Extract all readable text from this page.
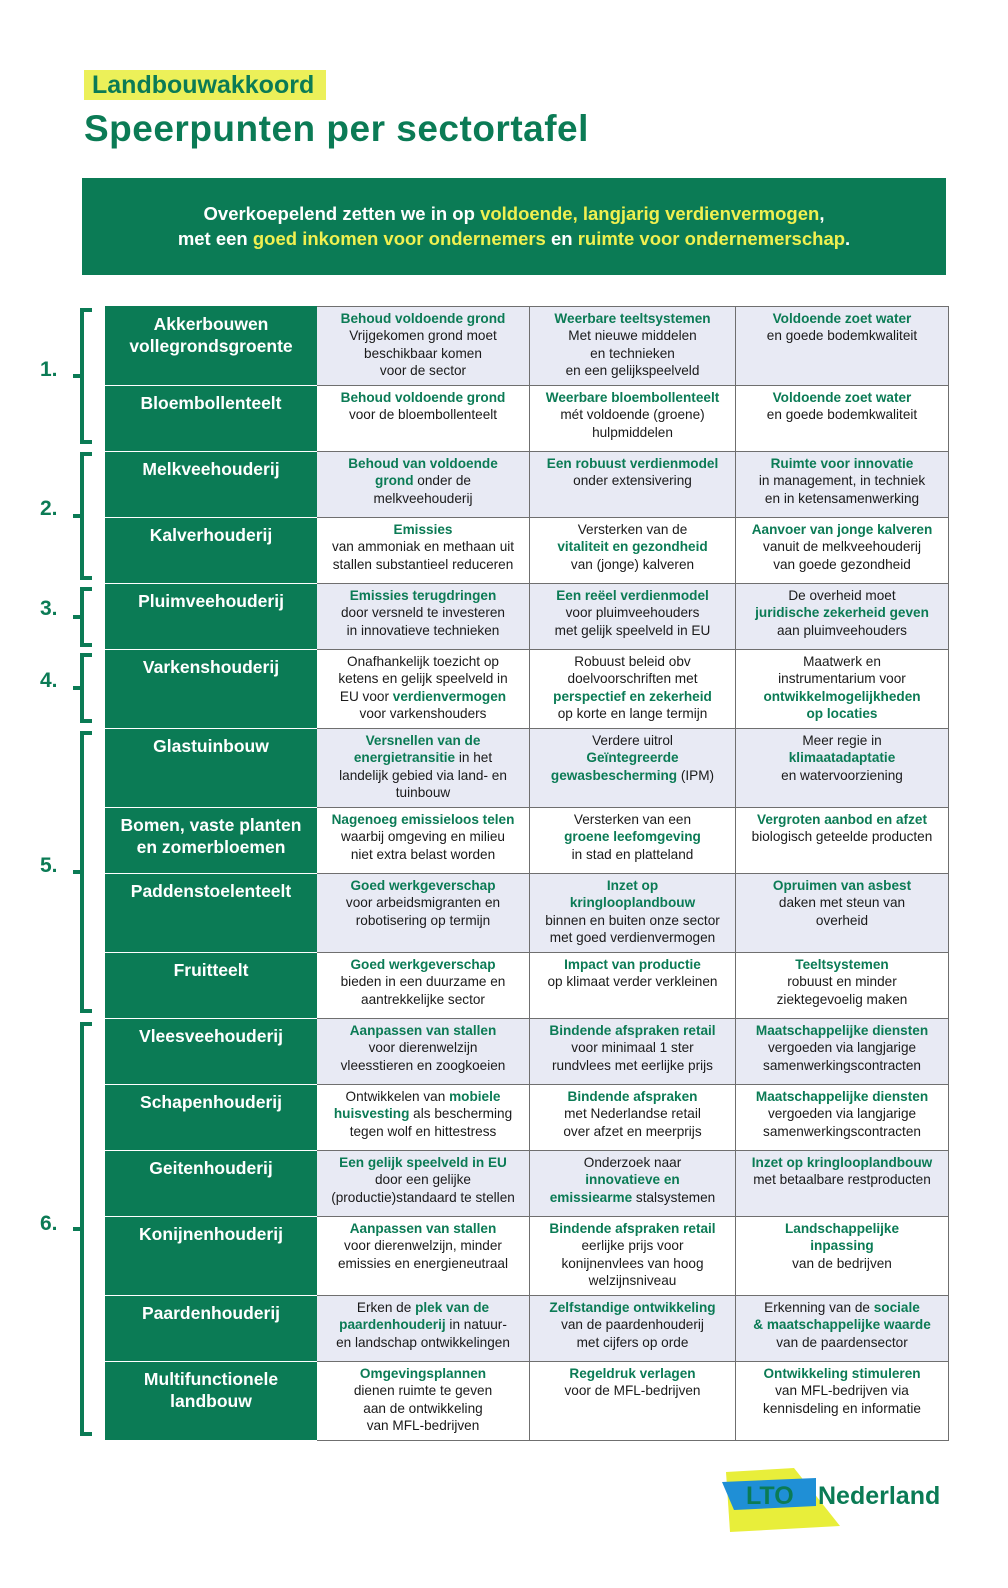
Landbouwakkoord
Speerpunten per sectortafel
Overkoepelend zetten we in op voldoende, langjarig verdienvermogen,
met een goed inkomen voor ondernemers en ruimte voor ondernemerschap.
1.
2.
3.
4.
5.
6.
Akkerbouwen vollegrondsgroente	Behoud voldoende grond
Vrijgekomen grond moet
beschikbaar komen
voor de sector	Weerbare teeltsystemen
Met nieuwe middelen
en technieken
en een gelijkspeelveld	Voldoende zoet water
en goede bodemkwaliteit
Bloembollenteelt	Behoud voldoende grond
voor de bloembollenteelt	Weerbare bloembollenteelt
mét voldoende (groene)
hulpmiddelen	Voldoende zoet water
en goede bodemkwaliteit
Melkveehouderij	Behoud van voldoende
grond onder de
melkveehouderij	Een robuust verdienmodel
onder extensivering	Ruimte voor innovatie
in management, in techniek
en in ketensamenwerking
Kalverhouderij	Emissies
van ammoniak en methaan uit
stallen substantieel reduceren	Versterken van de
vitaliteit en gezondheid
van (jonge) kalveren	Aanvoer van jonge kalveren
vanuit de melkveehouderij
van goede gezondheid
Pluimveehouderij	Emissies terugdringen
door versneld te investeren
in innovatieve technieken	Een reëel verdienmodel
voor pluimveehouders
met gelijk speelveld in EU	De overheid moet
juridische zekerheid geven
aan pluimveehouders
Varkenshouderij	Onafhankelijk toezicht op
ketens en gelijk speelveld in
EU voor verdienvermogen
voor varkenshouders	Robuust beleid obv
doelvoorschriften met
perspectief en zekerheid
op korte en lange termijn	Maatwerk en
instrumentarium voor
ontwikkelmogelijkheden
op locaties
Glastuinbouw	Versnellen van de
energietransitie in het
landelijk gebied via land- en
tuinbouw	Verdere uitrol
Geïntegreerde
gewasbescherming (IPM)	Meer regie in
klimaatadaptatie
en watervoorziening
Bomen, vaste planten en zomerbloemen	Nagenoeg emissieloos telen
waarbij omgeving en milieu
niet extra belast worden	Versterken van een
groene leefomgeving
in stad en platteland	Vergroten aanbod en afzet
biologisch geteelde producten
Paddenstoelenteelt	Goed werkgeverschap
voor arbeidsmigranten en
robotisering op termijn	Inzet op
kringlooplandbouw
binnen en buiten onze sector
met goed verdienvermogen	Opruimen van asbest
daken met steun van
overheid
Fruitteelt	Goed werkgeverschap
bieden in een duurzame en
aantrekkelijke sector	Impact van productie
op klimaat verder verkleinen	Teeltsystemen
robuust en minder
ziektegevoelig maken
Vleesveehouderij	Aanpassen van stallen
voor dierenwelzijn
vleesstieren en zoogkoeien	Bindende afspraken retail
voor minimaal 1 ster
rundvlees met eerlijke prijs	Maatschappelijke diensten
vergoeden via langjarige
samenwerkingscontracten
Schapenhouderij	Ontwikkelen van mobiele
huisvesting als bescherming
tegen wolf en hittestress	Bindende afspraken
met Nederlandse retail
over afzet en meerprijs	Maatschappelijke diensten
vergoeden via langjarige
samenwerkingscontracten
Geitenhouderij	Een gelijk speelveld in EU
door een gelijke
(productie)standaard te stellen	Onderzoek naar
innovatieve en
emissiearme stalsystemen	Inzet op kringlooplandbouw
met betaalbare restproducten
Konijnenhouderij	Aanpassen van stallen
voor dierenwelzijn, minder
emissies en energieneutraal	Bindende afspraken retail
eerlijke prijs voor
konijnenvlees van hoog
welzijnsniveau	Landschappelijke
inpassing
van de bedrijven
Paardenhouderij	Erken de plek van de
paardenhouderij in natuur-
en landschap ontwikkelingen	Zelfstandige ontwikkeling
van de paardenhouderij
met cijfers op orde	Erkenning van de sociale
& maatschappelijke waarde
van de paardensector
Multifunctionele landbouw	Omgevingsplannen
dienen ruimte te geven
aan de ontwikkeling
van MFL-bedrijven	Regeldruk verlagen
voor de MFL-bedrijven	Ontwikkeling stimuleren
van MFL-bedrijven via
kennisdeling en informatie
LTO Nederland
